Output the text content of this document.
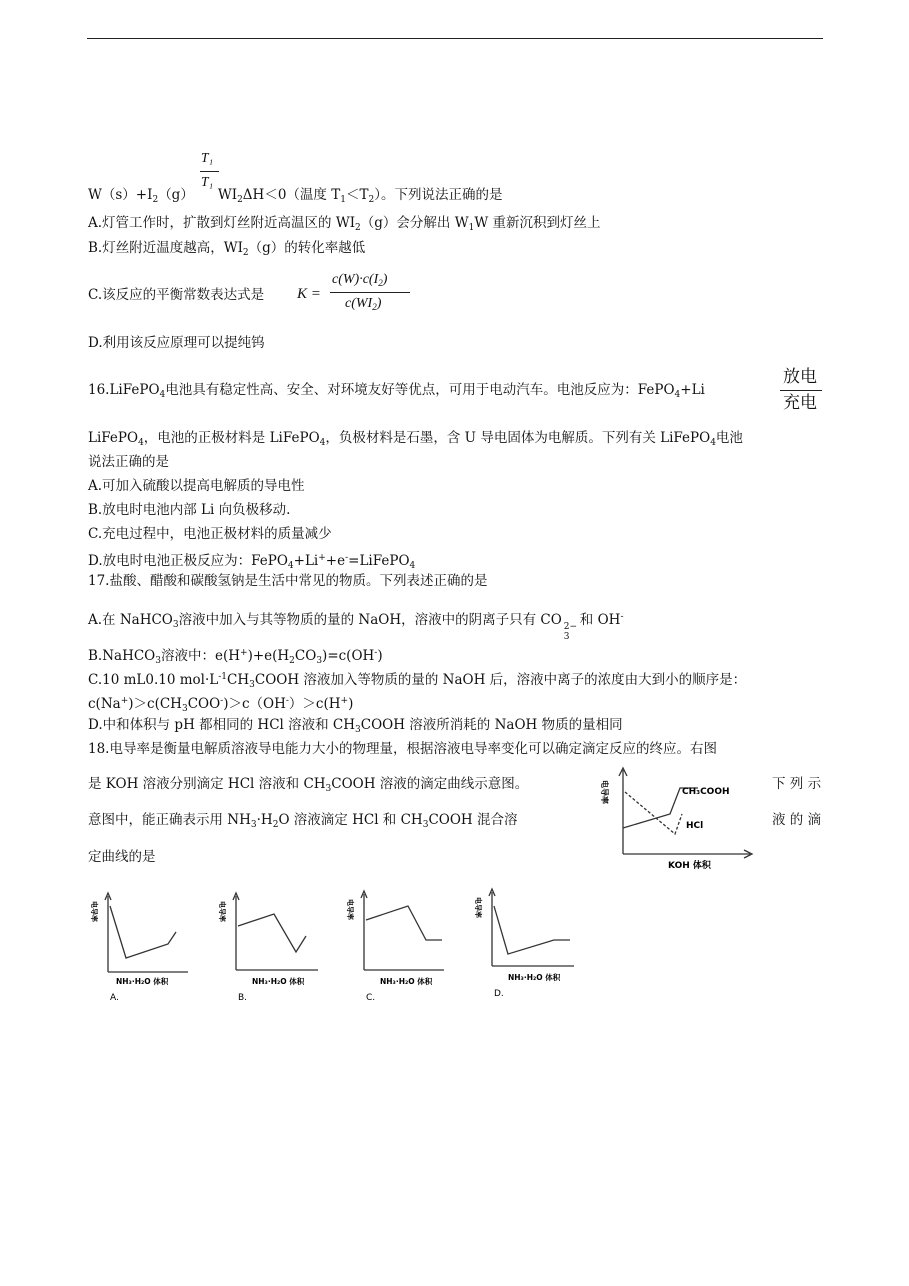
T₁
T₁
$W(s)+I_2(g)$ $WI_2\Delta H<0$（温度 $T_1<T_2$）。下列说法正确的是
A.灯管工作时，扩散到灯丝附近高温区的 $WI_2(g)$会分解出 $W_1W$ 重新沉积到灯丝上
B.灯丝附近温度越高，$WI_2(g)$的转化率越低
C.该反应的平衡常数表达式是 K =
$c(W)\cdot c(I_2)$
$c(WI_2)$
D.利用该反应原理可以提纯钨
16.LiFePO$_4$电池具有稳定性高、安全、对环境友好等优点，可用于电动汽车。电池反应为：FePO$_4$+Li
放电
充电
LiFePO$_4$，电池的正极材料是 LiFePO$_4$，负极材料是石墨，含 U 导电固体为电解质。下列有关 LiFePO$_4$电池
说法正确的是
A.可加入硫酸以提高电解质的导电性
B.放电时电池内部 Li 向负极移动.
C.充电过程中，电池正极材料的质量减少
D.放电时电池正极反应为：FePO$_4$+Li++e-=LiFePO$_4$
17.盐酸、醋酸和碳酸氢钠是生活中常见的物质。下列表述正确的是
A.在 NaHCO$_3$溶液中加入与其等物质的量的 NaOH，溶液中的阴离子只有 CO 2−
3
和 OH-
B.NaHCO$_3$溶液中：$e(H^+)+e(H_2CO_3)=c(OH^-)$
C.10 mL0.10 $mol\cdot L^{-1}CH_3COOH$ 溶液加入等物质的量的 NaOH 后，溶液中离子的浓度由大到小的顺序是：
$c(Na^+)>c(CH_3COO^-)>c(OH^-)>c(H^+)$
D.中和体积与 pH 都相同的 HCl 溶液和 $CH_3COOH$ 溶液所消耗的 NaOH 物质的量相同
18.电导率是衡量电解质溶液导电能力大小的物理量，根据溶液电导率变化可以确定滴定反应的终应。右图
是 KOH 溶液分别滴定 HCl 溶液和 $CH_3COOH$ 溶液的滴定曲线示意图。	下 列 示
意图中，能正确表示用 $NH_3\cdot H_2O$ 溶液滴定 HCl 和 $CH_3COOH$ 混合溶	液 的 滴
定曲线的是
电导率	CH₃COOH
HCl
KOH 体积
电导率
NH₃·H₂O 体积
A.
电导率
NH₃·H₂O 体积
B.
电导率
NH₃·H₂O 体积
C.
电导率
NH₃·H₂O 体积
D.
